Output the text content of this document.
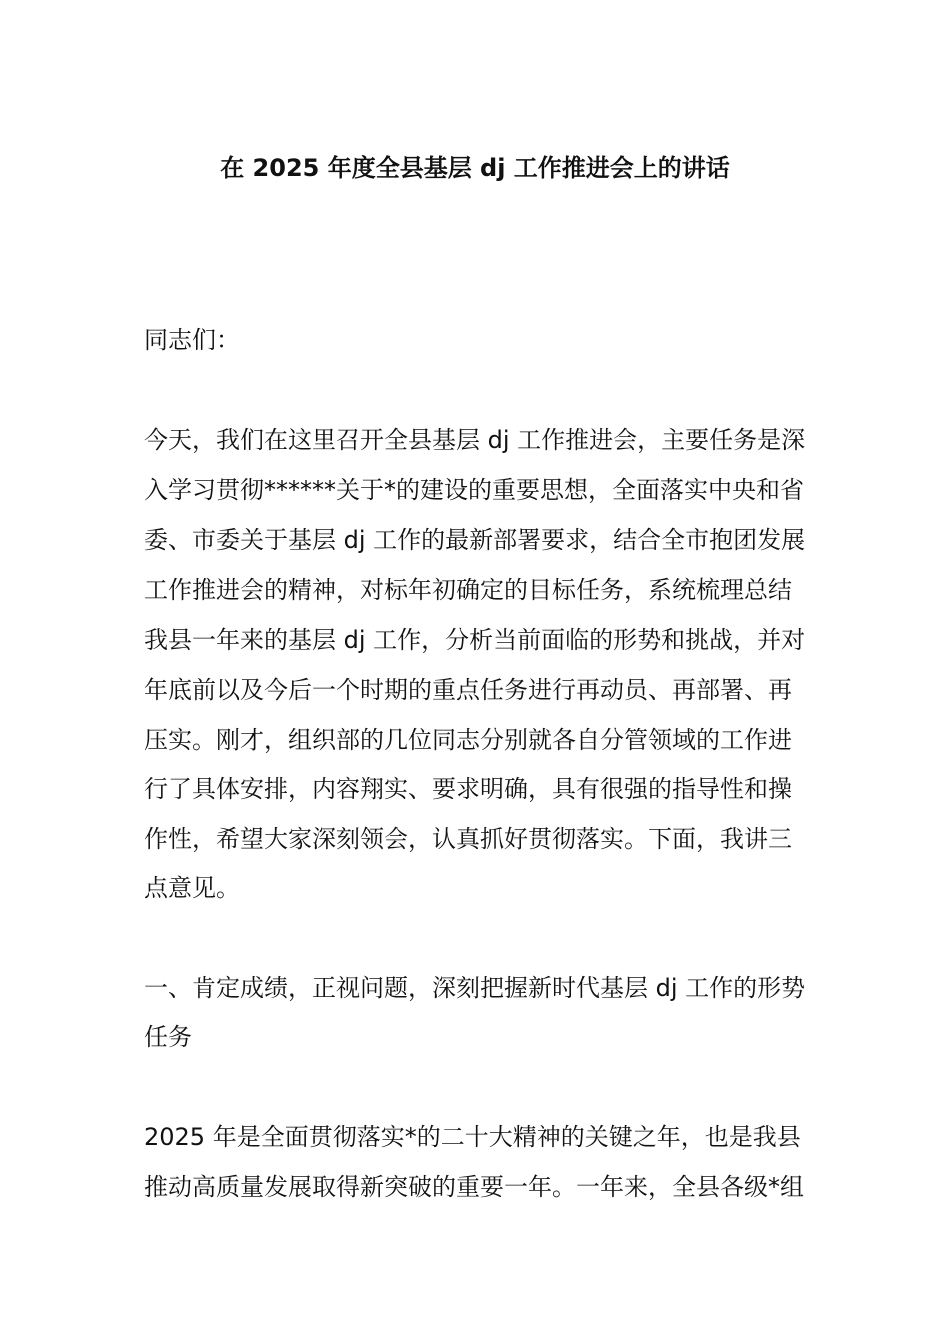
在 2025 年度全县基层 dj 工作推进会上的讲话
同志们：
今天，我们在这里召开全县基层 dj 工作推进会，主要任务是深
入学习贯彻******关于*的建设的重要思想，全面落实中央和省
委、市委关于基层 dj 工作的最新部署要求，结合全市抱团发展
工作推进会的精神，对标年初确定的目标任务，系统梳理总结
我县一年来的基层 dj 工作，分析当前面临的形势和挑战，并对
年底前以及今后一个时期的重点任务进行再动员、再部署、再
压实。刚才，组织部的几位同志分别就各自分管领域的工作进
行了具体安排，内容翔实、要求明确，具有很强的指导性和操
作性，希望大家深刻领会，认真抓好贯彻落实。下面，我讲三
点意见。
一、肯定成绩，正视问题，深刻把握新时代基层 dj 工作的形势
任务
2025 年是全面贯彻落实*的二十大精神的关键之年，也是我县
推动高质量发展取得新突破的重要一年。一年来，全县各级*组
